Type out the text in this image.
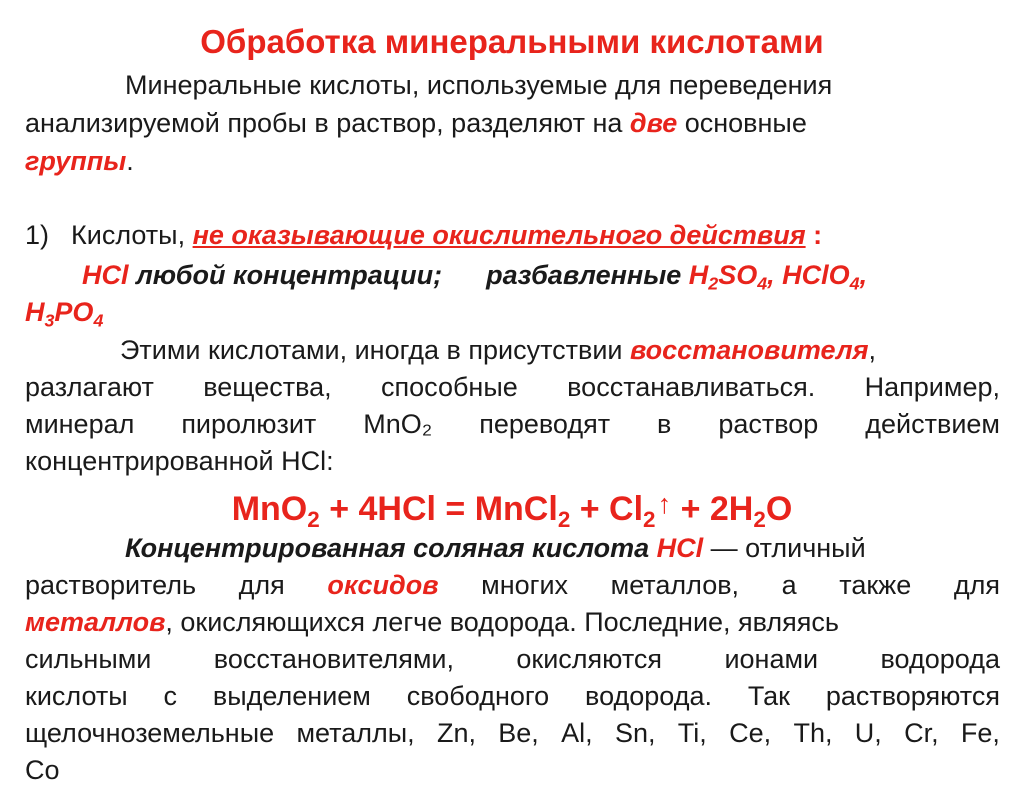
Обработка минеральными кислотами
Минеральные кислоты, используемые для переведения
анализируемой пробы в раствор, разделяют на две основные
группы.
1) Кислоты, не оказывающие окислительного действия :
HCl любой концентрации; разбавленные $H_2SO_4$, HClO$_4$,
$H_3PO_4$
Этими кислотами, иногда в присутствии восстановителя,
разлагают вещества, способные восстанавливаться. Например,
минерал пиролюзит MnO₂ переводят в раствор действием
концентрированной HCl:
MnO$_2$ + 4HCl = MnCl$_2$ + $Cl_2↑ + 2H_2O$
Концентрированная соляная кислота HCl — отличный
растворитель для оксидов многих металлов, а также для
металлов, окисляющихся легче водорода. Последние, являясь
сильными восстановителями, окисляются ионами водорода
кислоты с выделением свободного водорода. Так растворяются
щелочноземельные металлы, Zn, Be, Al, Sn, Ti, Ce, Th, U, Cr, Fe,
Co
